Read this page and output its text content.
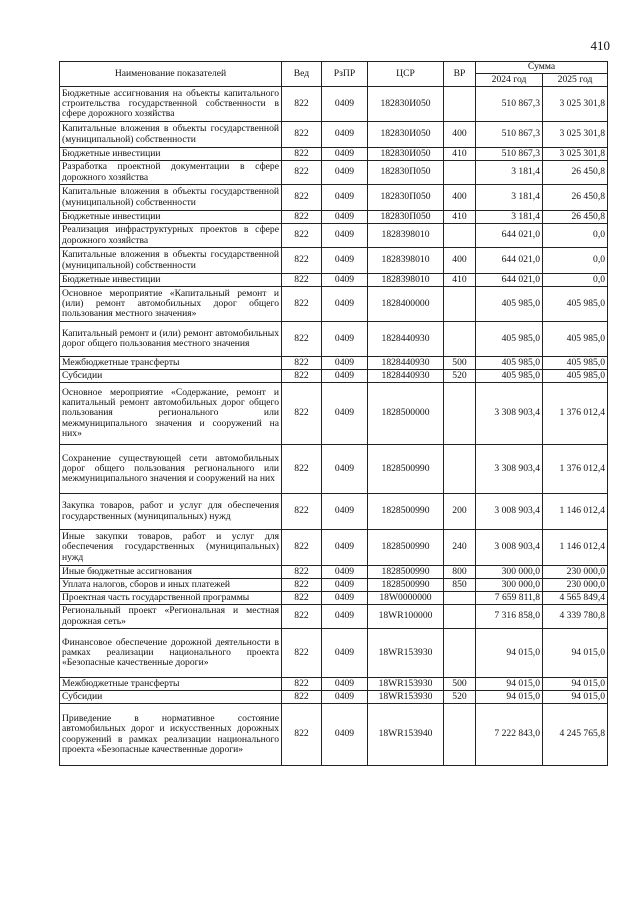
410
Наименование показателей	Вед	РзПР	ЦСР	ВР	Сумма	
					2024 год	2025 год
Бюджетные ассигнования на объекты капитального строительства государственной собственности в сфере дорожного хозяйства	822	0409	182830И050		510 867,3	3 025 301,8
Капитальные вложения в объекты государственной (муниципальной) собственности	822	0409	182830И050	400	510 867,3	3 025 301,8
Бюджетные инвестиции	822	0409	182830И050	410	510 867,3	3 025 301,8
Разработка проектной документации в сфере дорожного хозяйства	822	0409	182830П050		3 181,4	26 450,8
Капитальные вложения в объекты государственной (муниципальной) собственности	822	0409	182830П050	400	3 181,4	26 450,8
Бюджетные инвестиции	822	0409	182830П050	410	3 181,4	26 450,8
Реализация инфраструктурных проектов в сфере дорожного хозяйства	822	0409	1828398010		644 021,0	0,0
Капитальные вложения в объекты государственной (муниципальной) собственности	822	0409	1828398010	400	644 021,0	0,0
Бюджетные инвестиции	822	0409	1828398010	410	644 021,0	0,0
Основное мероприятие «Капитальный ремонт и (или) ремонт автомобильных дорог общего пользования местного значения»	822	0409	1828400000		405 985,0	405 985,0
Капитальный ремонт и (или) ремонт автомобильных дорог общего пользования местного значения	822	0409	1828440930		405 985,0	405 985,0
Межбюджетные трансферты	822	0409	1828440930	500	405 985,0	405 985,0
Субсидии	822	0409	1828440930	520	405 985,0	405 985,0
Основное мероприятие «Содержание, ремонт и капитальный ремонт автомобильных дорог общего пользования регионального или межмуниципального значения и сооружений на них»	822	0409	1828500000		3 308 903,4	1 376 012,4
Сохранение существующей сети автомобильных дорог общего пользования регионального или межмуниципального значения и сооружений на них	822	0409	1828500990		3 308 903,4	1 376 012,4
Закупка товаров, работ и услуг для обеспечения государственных (муниципальных) нужд	822	0409	1828500990	200	3 008 903,4	1 146 012,4
Иные закупки товаров, работ и услуг для обеспечения государственных (муниципальных) нужд	822	0409	1828500990	240	3 008 903,4	1 146 012,4
Иные бюджетные ассигнования	822	0409	1828500990	800	300 000,0	230 000,0
Уплата налогов, сборов и иных платежей	822	0409	1828500990	850	300 000,0	230 000,0
Проектная часть государственной программы	822	0409	18W0000000		7 659 811,8	4 565 849,4
Региональный проект «Региональная и местная дорожная сеть»	822	0409	18WR100000		7 316 858,0	4 339 780,8
Финансовое обеспечение дорожной деятельности в рамках реализации национального проекта «Безопасные качественные дороги»	822	0409	18WR153930		94 015,0	94 015,0
Межбюджетные трансферты	822	0409	18WR153930	500	94 015,0	94 015,0
Субсидии	822	0409	18WR153930	520	94 015,0	94 015,0
Приведение в нормативное состояние автомобильных дорог и искусственных дорожных сооружений в рамках реализации национального проекта «Безопасные качественные дороги»	822	0409	18WR153940		7 222 843,0	4 245 765,8
